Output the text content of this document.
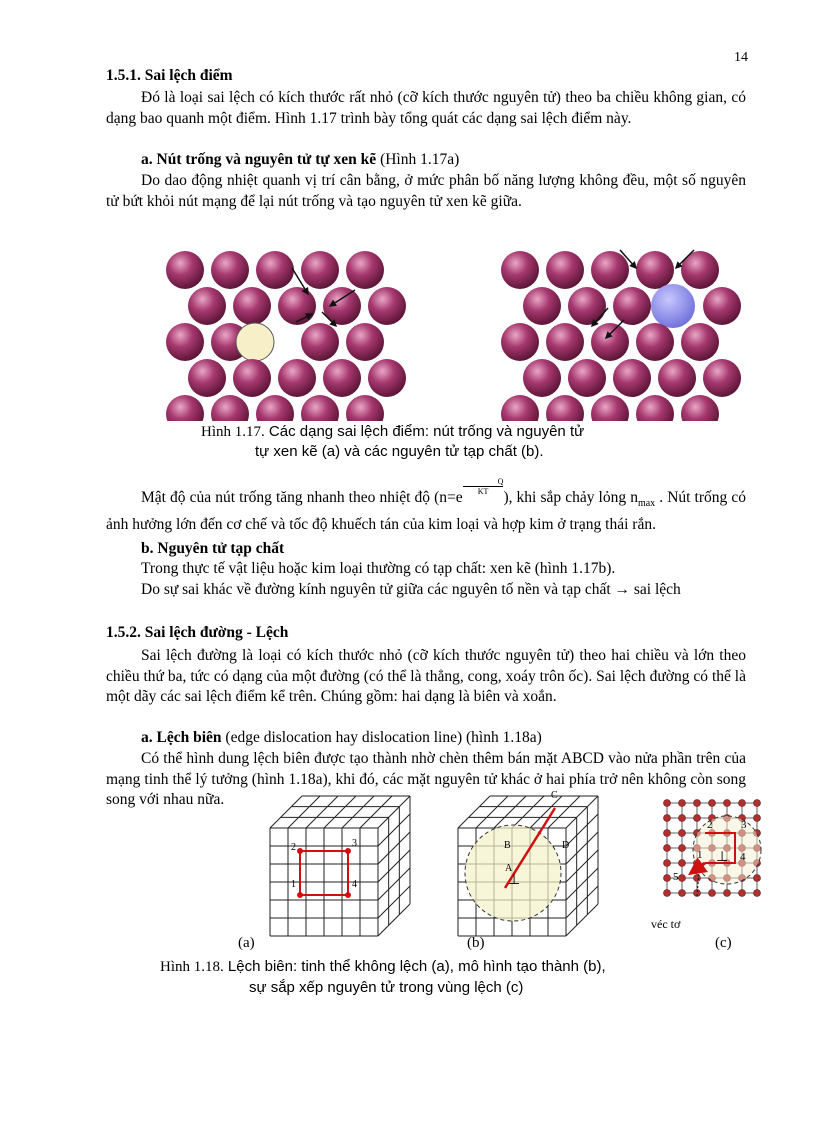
14
1.5.1. Sai lệch điểm
Đó là loại sai lệch có kích thước rất nhỏ (cỡ kích thước nguyên tử) theo ba chiều không gian, có dạng bao quanh một điểm. Hình 1.17 trình bày tổng quát các dạng sai lệch điểm này.
a. Nút trống và nguyên tử tự xen kẽ (Hình 1.17a)
Do dao động nhiệt quanh vị trí cân bằng, ở mức phân bố năng lượng không đều, một số nguyên tử bứt khỏi nút mạng để lại nút trống và tạo nguyên tử xen kẽ giữa.
Hình 1.17. Các dạng sai lệch điểm: nút trống và nguyên tử
tự xen kẽ (a) và các nguyên tử tạp chất (b).
Mật độ của nút trống tăng nhanh theo nhiệt độ (n=e
$\frac{Q}{KT}$), khi sắp chảy lỏng $n_{max}$ . Nút trống có ảnh hưởng lớn đến cơ chế và tốc độ khuếch tán của kim loại và hợp kim ở trạng thái rắn.
b. Nguyên tử tạp chất
Trong thực tế vật liệu hoặc kim loại thường có tạp chất: xen kẽ (hình 1.17b).
Do sự sai khác về đường kính nguyên tử giữa các nguyên tố nền và tạp chất → sai lệch
1.5.2. Sai lệch đường - Lệch
Sai lệch đường là loại có kích thước nhỏ (cỡ kích thước nguyên tử) theo hai chiều và lớn theo chiều thứ ba, tức có dạng của một đường (có thể là thẳng, cong, xoáy trôn ốc). Sai lệch đường có thể là một dãy các sai lệch điểm kể trên. Chúng gồm: hai dạng là biên và xoắn.
a. Lệch biên (edge dislocation hay dislocation line) (hình 1.18a)
Có thể hình dung lệch biên được tạo thành nhờ chèn thêm bán mặt ABCD vào nửa phần trên của mạng tinh thể lý tưởng (hình 1.18a), khi đó, các mặt nguyên tử khác ở hai phía trở nên không còn song song với nhau nữa.
2	3
1	4
B	D
A
C
⊥
2	3
1	4
5
⊥
véc tơ
(a)	(b)	(c)
Hình 1.18. Lệch biên: tinh thể không lệch (a), mô hình tạo thành (b),
sự sắp xếp nguyên tử trong vùng lệch (c)
